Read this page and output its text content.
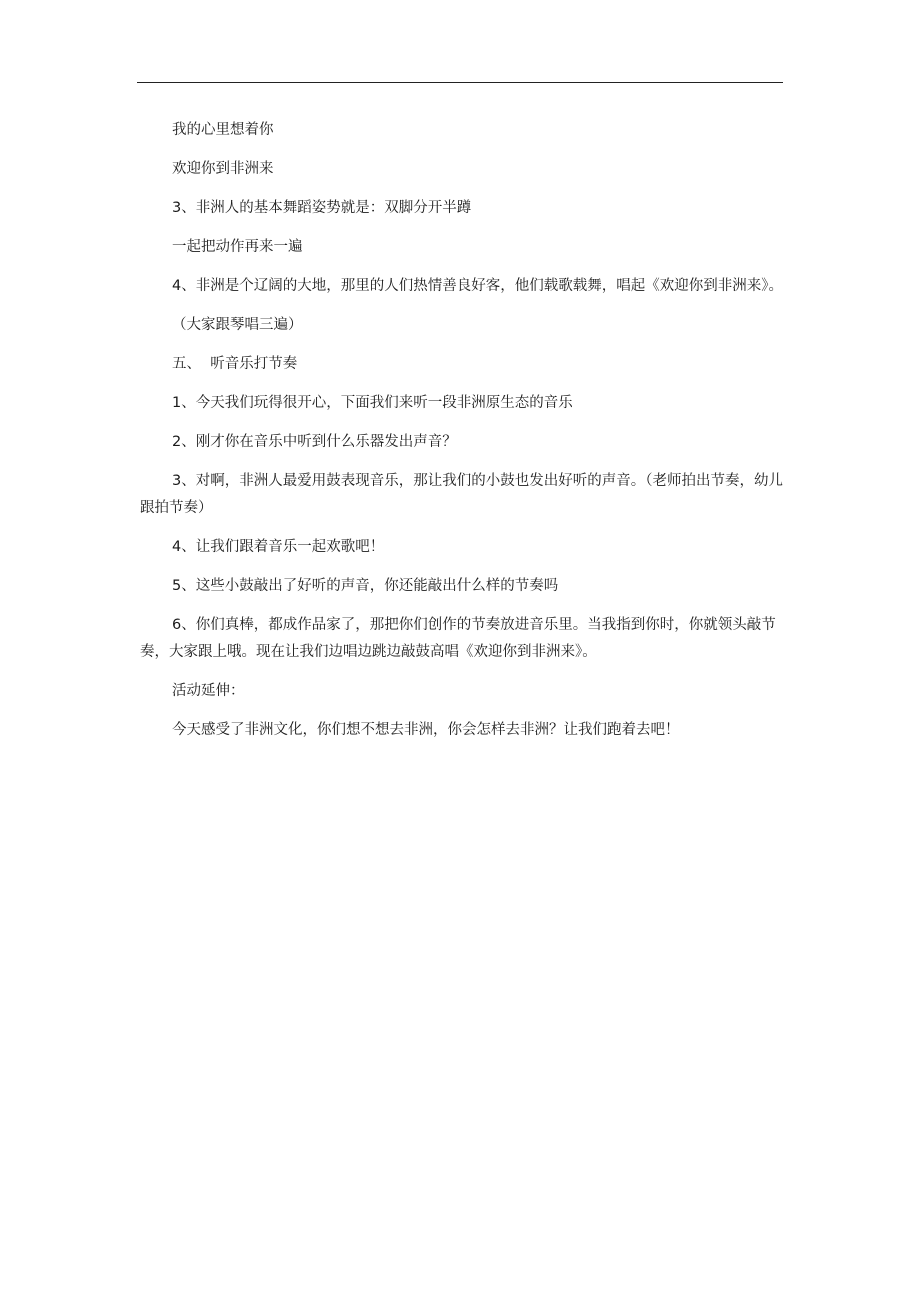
我的心里想着你

欢迎你到非洲来

3、非洲人的基本舞蹈姿势就是：双脚分开半蹲

一起把动作再来一遍

4、非洲是个辽阔的大地，那里的人们热情善良好客，他们载歌载舞，唱起《欢迎你到非洲来》。

（大家跟琴唱三遍）

五、  听音乐打节奏

1、今天我们玩得很开心，下面我们来听一段非洲原生态的音乐

2、刚才你在音乐中听到什么乐器发出声音？

3、对啊，非洲人最爱用鼓表现音乐，那让我们的小鼓也发出好听的声音。（老师拍出节奏，幼儿跟拍节奏）

4、让我们跟着音乐一起欢歌吧！

5、这些小鼓敲出了好听的声音，你还能敲出什么样的节奏吗

6、你们真棒，都成作品家了，那把你们创作的节奏放进音乐里。当我指到你时，你就领头敲节奏，大家跟上哦。现在让我们边唱边跳边敲鼓高唱《欢迎你到非洲来》。

活动延伸：

今天感受了非洲文化，你们想不想去非洲，你会怎样去非洲？让我们跑着去吧！
